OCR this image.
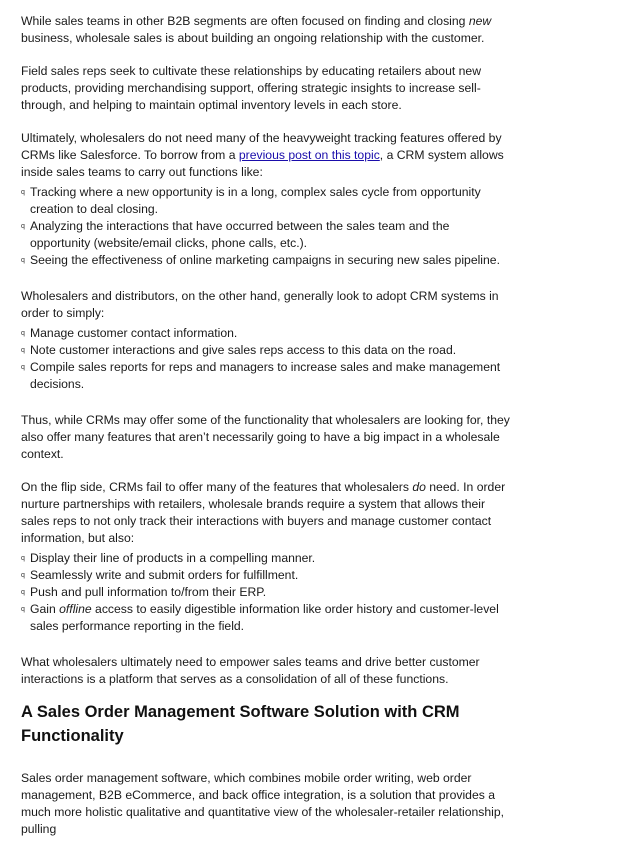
While sales teams in other B2B segments are often focused on finding and closing new business, wholesale sales is about building an ongoing relationship with the customer.

Field sales reps seek to cultivate these relationships by educating retailers about new products, providing merchandising support, offering strategic insights to increase sell-through, and helping to maintain optimal inventory levels in each store.

Ultimately, wholesalers do not need many of the heavyweight tracking features offered by CRMs like Salesforce. To borrow from a previous post on this topic, a CRM system allows inside sales teams to carry out functions like:

q Tracking where a new opportunity is in a long, complex sales cycle from opportunity creation to deal closing.
q Analyzing the interactions that have occurred between the sales team and the opportunity (website/email clicks, phone calls, etc.).
q Seeing the effectiveness of online marketing campaigns in securing new sales pipeline.

Wholesalers and distributors, on the other hand, generally look to adopt CRM systems in order to simply:

q Manage customer contact information.
q Note customer interactions and give sales reps access to this data on the road.
q Compile sales reports for reps and managers to increase sales and make management decisions.

Thus, while CRMs may offer some of the functionality that wholesalers are looking for, they also offer many features that aren’t necessarily going to have a big impact in a wholesale context.

On the flip side, CRMs fail to offer many of the features that wholesalers do need. In order nurture partnerships with retailers, wholesale brands require a system that allows their sales reps to not only track their interactions with buyers and manage customer contact information, but also:

q Display their line of products in a compelling manner.
q Seamlessly write and submit orders for fulfillment.
q Push and pull information to/from their ERP.
q Gain offline access to easily digestible information like order history and customer-level sales performance reporting in the field.

What wholesalers ultimately need to empower sales teams and drive better customer interactions is a platform that serves as a consolidation of all of these functions.

A Sales Order Management Software Solution with CRM Functionality

Sales order management software, which combines mobile order writing, web order management, B2B eCommerce, and back office integration, is a solution that provides a much more holistic qualitative and quantitative view of the wholesaler-retailer relationship, pulling
